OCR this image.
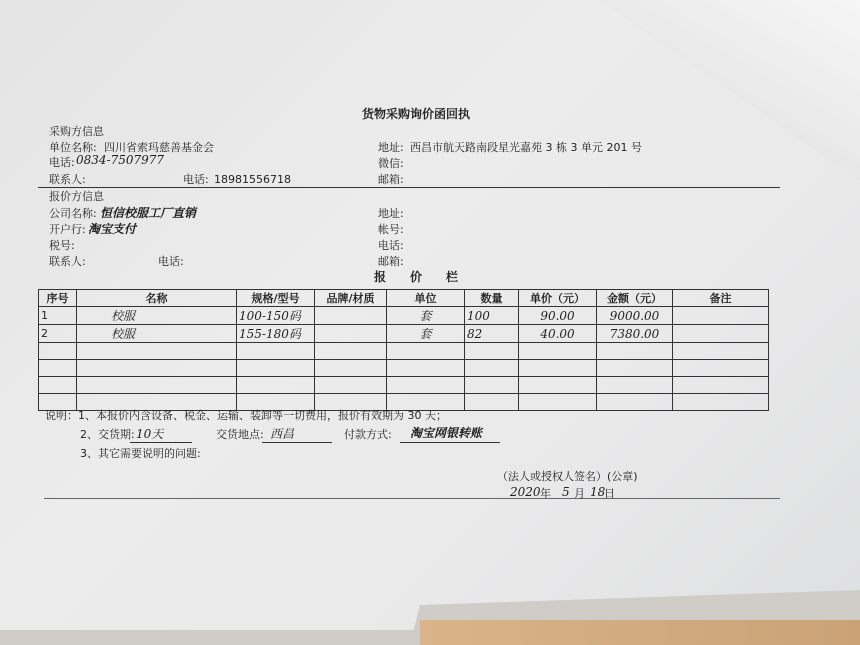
货物采购询价函回执
采购方信息
单位名称: 四川省索玛慈善基金会	地址: 西昌市航天路南段星光嘉苑 3 栋 3 单元 201 号
电话: 0834-7507977	微信:
联系人:	电话: 18981556718	邮箱:
报价方信息
公司名称: 恒信校服工厂直销	地址:
开户行: 淘宝支付	帐号:
税号:	电话:
联系人:	电话:	邮箱:
报　　价　　栏
序号	名称	规格/型号	品牌/材质	单位	数量	单价（元）	金额（元）	备注
1	校服	100-150码		套	100	90.00	9000.00	
2	校服	155-180码		套	82	40.00	7380.00	

说明：1、本报价内含设备、税金、运输、装卸等一切费用，报价有效期为 30 天；
2、交货期: 10天	交货地点: 西昌	付款方式: 淘宝网银转账
3、其它需要说明的问题:
（法人或授权人签名）(公章)
2020 年 5 月 18
日
